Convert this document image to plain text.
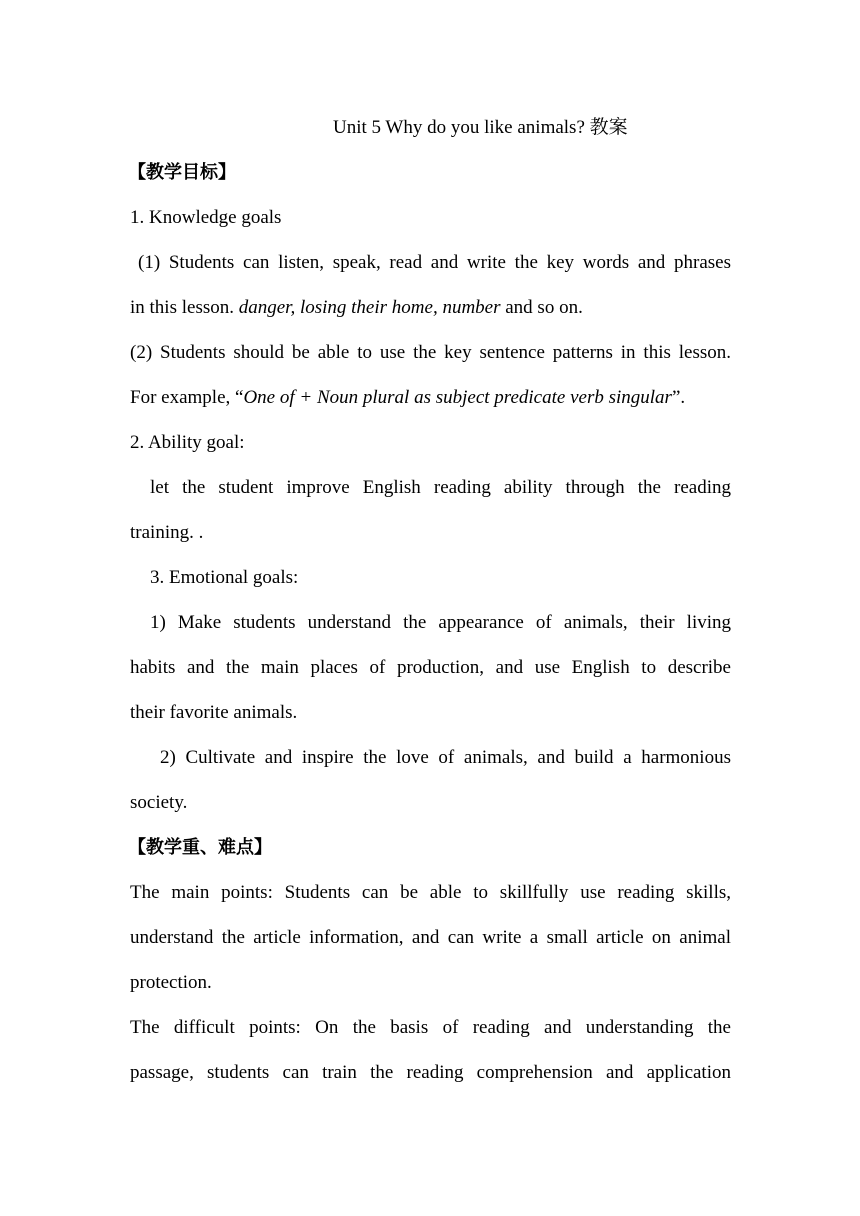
Unit 5 Why do you like animals? 教案
【教学目标】
1. Knowledge goals
(1) Students can listen, speak, read and write the key words and phrases
in this lesson. danger, losing their home, number and so on.
(2) Students should be able to use the key sentence patterns in this lesson.
For example, “One of + Noun plural as subject predicate verb singular”.
2. Ability goal:
let the student improve English reading ability through the reading
training. .
3. Emotional goals:
1) Make students understand the appearance of animals, their living
habits and the main places of production, and use English to describe
their favorite animals.
2) Cultivate and inspire the love of animals, and build a harmonious
society.
【教学重、难点】
The main points: Students can be able to skillfully use reading skills,
understand the article information, and can write a small article on animal
protection.
The difficult points: On the basis of reading and understanding the
passage, students can train the reading comprehension and application
